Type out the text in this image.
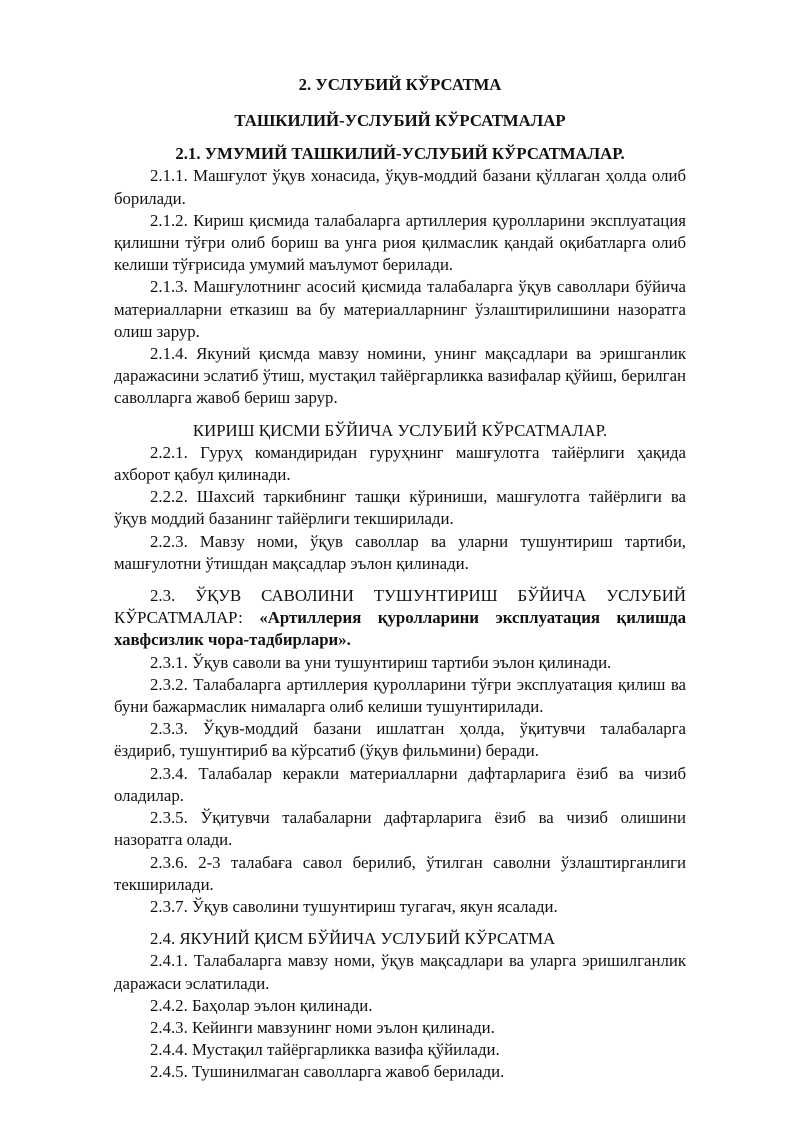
2. УСЛУБИЙ КЎРСАТМА
ТАШКИЛИЙ-УСЛУБИЙ КЎРСАТМАЛАР
2.1. УМУМИЙ ТАШКИЛИЙ-УСЛУБИЙ КЎРСАТМАЛАР.

2.1.1. Машғулот ўқув хонасида, ўқув-моддий базани қўллаган ҳолда олиб борилади.

2.1.2. Кириш қисмида талабаларга артиллерия қуролларини эксплуатация қилишни тўғри олиб бориш ва унга риоя қилмаслик қандай оқибатларга олиб келиши тўғрисида умумий маълумот берилади.

2.1.3. Машғулотнинг асосий қисмида талабаларга ўқув саволлари бўйича материалларни етказиш ва бу материалларнинг ўзлаштирилишини назоратга олиш зарур.

2.1.4. Якуний қисмда мавзу номини, унинг мақсадлари ва эришганлик даражасини эслатиб ўтиш, мустақил тайёргарликка вазифалар қўйиш, берилган саволларга жавоб бериш зарур.

КИРИШ ҚИСМИ БЎЙИЧА УСЛУБИЙ КЎРСАТМАЛАР.

2.2.1. Гуруҳ командиридан гуруҳнинг машғулотга тайёрлиги ҳақида ахборот қабул қилинади.

2.2.2. Шахсий таркибнинг ташқи кўриниши, машғулотга тайёрлиги ва ўқув моддий базанинг тайёрлиги текширилади.

2.2.3. Мавзу номи, ўқув саволлар ва уларни тушунтириш тартиби, машғулотни ўтишдан мақсадлар эълон қилинади.

2.3. ЎҚУВ САВОЛИНИ ТУШУНТИРИШ БЎЙИЧА УСЛУБИЙ КЎРСАТМАЛАР: «Артиллерия қуролларини эксплуатация қилишда хавфсизлик чора-тадбирлари».

2.3.1. Ўқув саволи ва уни тушунтириш тартиби эълон қилинади.

2.3.2. Талабаларга артиллерия қуролларини тўғри эксплуатация қилиш ва буни бажармаслик нималарга олиб келиши тушунтирилади.

2.3.3. Ўқув-моддий базани ишлатган ҳолда, ўқитувчи талабаларга ёздириб, тушунтириб ва кўрсатиб (ўқув фильмини) беради.

2.3.4. Талабалар керакли материалларни дафтарларига ёзиб ва чизиб оладилар.

2.3.5. Ўқитувчи талабаларни дафтарларига ёзиб ва чизиб олишини назоратга олади.

2.3.6. 2-3 талабаға савол берилиб, ўтилган саволни ўзлаштирганлиги текширилади.

2.3.7. Ўқув саволини тушунтириш тугагач, якун ясалади.

2.4. ЯКУНИЙ ҚИСМ БЎЙИЧА УСЛУБИЙ КЎРСАТМА

2.4.1. Талабаларга мавзу номи, ўқув мақсадлари ва уларга эришилганлик даражаси эслатилади.

2.4.2. Баҳолар эълон қилинади.

2.4.3. Кейинги мавзунинг номи эълон қилинади.

2.4.4. Мустақил тайёргарликка вазифа қўйилади.

2.4.5. Тушинилмаган саволларга жавоб берилади.
